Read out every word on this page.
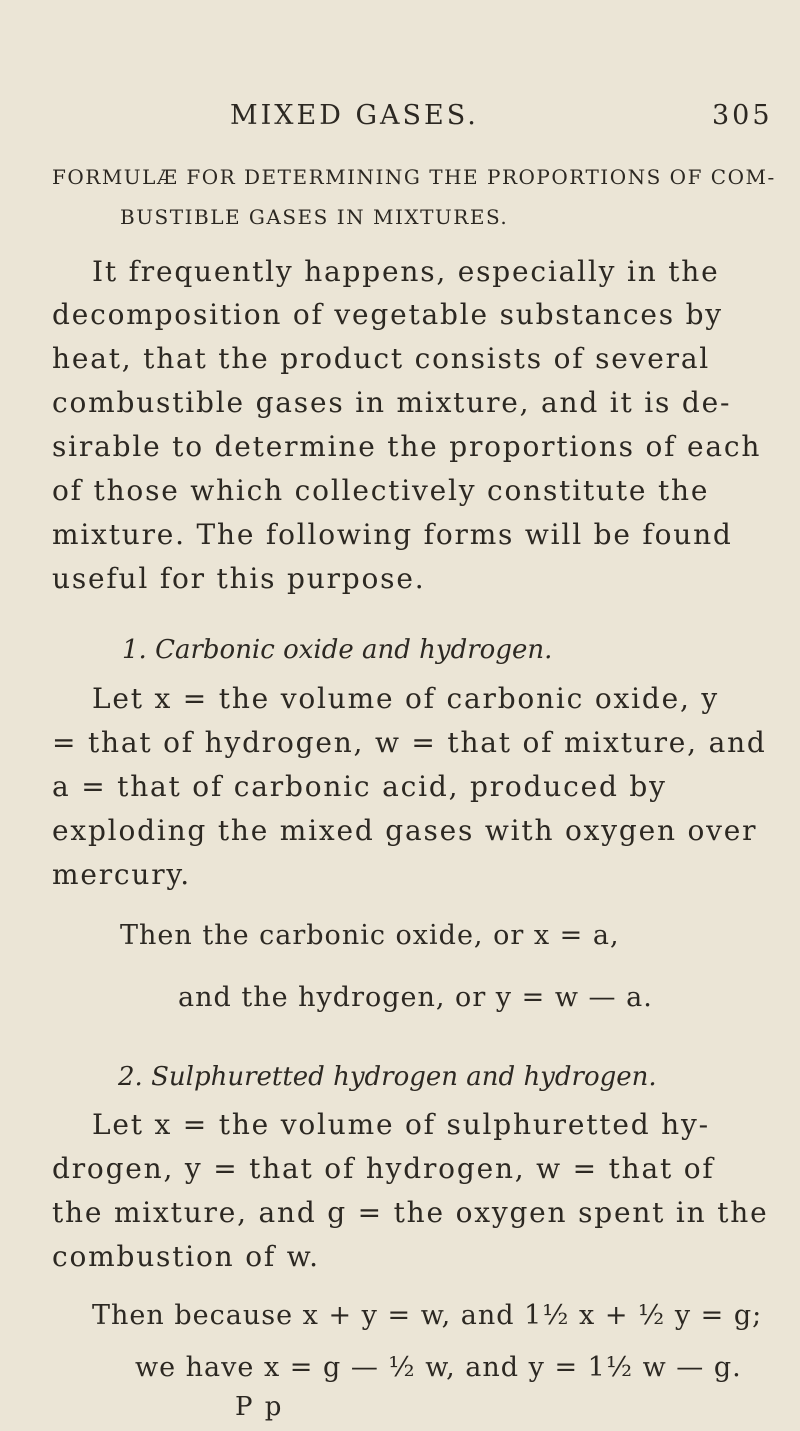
MIXED GASES.	305
FORMULÆ FOR DETERMINING THE PROPORTIONS OF COM-
BUSTIBLE GASES IN MIXTURES.
It frequently happens, especially in the
decomposition of vegetable substances by
heat, that the product consists of several
combustible gases in mixture, and it is de-
sirable to determine the proportions of each
of those which collectively constitute the
mixture. The following forms will be found
useful for this purpose.
1. Carbonic oxide and hydrogen.
Let x = the volume of carbonic oxide, y
= that of hydrogen, w = that of mixture, and
a = that of carbonic acid, produced by
exploding the mixed gases with oxygen over
mercury.
Then the carbonic oxide, or x = a,
and the hydrogen, or y = w — a.
2. Sulphuretted hydrogen and hydrogen.
Let x = the volume of sulphuretted hy-
drogen, y = that of hydrogen, w = that of
the mixture, and g = the oxygen spent in the
combustion of w.
Then because x + y = w, and 1½ x + ½ y = g;
we have x = g — ½ w, and y = 1½ w — g.
P p
